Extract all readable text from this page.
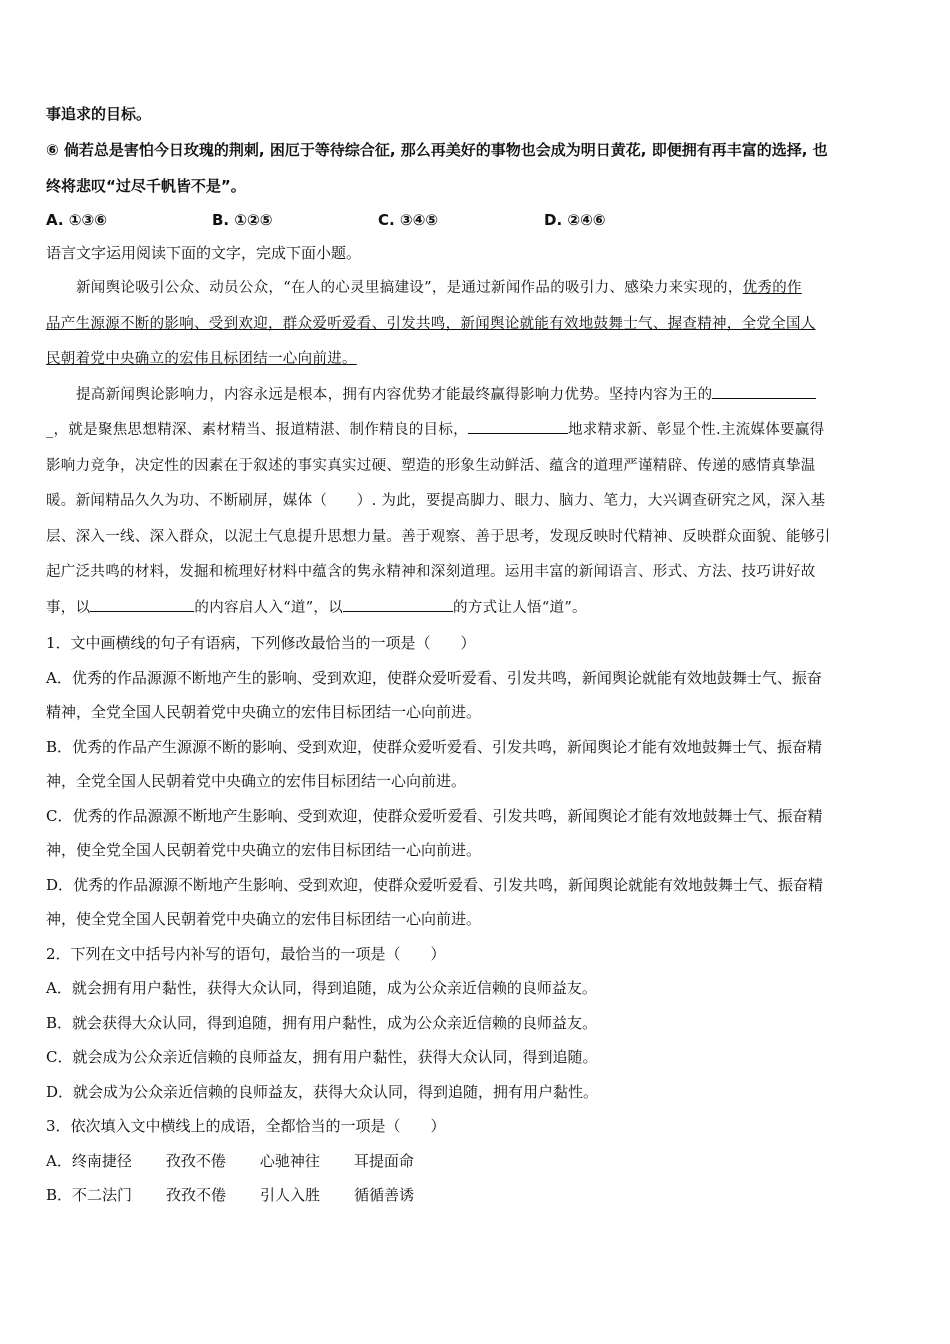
事追求的目标。

⑥ 倘若总是害怕今日玫瑰的荆刺, 困厄于等待综合征, 那么再美好的事物也会成为明日黄花, 即便拥有再丰富的选择, 也

终将悲叹“过尽千帆皆不是”。

A. ①③⑥	B. ①②⑤	C. ③④⑤	D. ②④⑥

语言文字运用阅读下面的文字，完成下面小题。

新闻舆论吸引公众、动员公众，“在人的心灵里搞建设”，是通过新闻作品的吸引力、感染力来实现的，优秀的作

品产生源源不断的影响、受到欢迎，群众爱听爱看、引发共鸣，新闻舆论就能有效地鼓舞士气、握查精神，全党全国人

民朝着党中央确立的宏伟且标团结一心向前进。

提高新闻舆论影响力，内容永远是根本，拥有内容优势才能最终赢得影响力优势。坚持内容为王的

_，就是聚焦思想精深、素材精当、报道精湛、制作精良的目标，	地求精求新、彰显个性.主流媒体要赢得

影响力竞争，决定性的因素在于叙述的事实真实过硬、塑造的形象生动鲜活、蕴含的道理严谨精辟、传递的感情真挚温

暖。新闻精品久久为功、不断刷屏，媒体（　　）. 为此，要提高脚力、眼力、脑力、笔力，大兴调查研究之风，深入基

层、深入一线、深入群众，以泥土气息提升思想力量。善于观察、善于思考，发现反映时代精神、反映群众面貌、能够引

起广泛共鸣的材料，发掘和梳理好材料中蕴含的隽永精神和深刻道理。运用丰富的新闻语言、形式、方法、技巧讲好故

事，以	的内容启人入“道”，以	的方式让人悟“道”。

1．文中画横线的句子有语病，下列修改最恰当的一项是（　　）

A．优秀的作品源源不断地产生的影响、受到欢迎，使群众爱听爱看、引发共鸣，新闻舆论就能有效地鼓舞士气、振奋

精神，全党全国人民朝着党中央确立的宏伟目标团结一心向前进。

B．优秀的作品产生源源不断的影响、受到欢迎，使群众爱听爱看、引发共鸣，新闻舆论才能有效地鼓舞士气、振奋精

神，全党全国人民朝着党中央确立的宏伟目标团结一心向前进。

C．优秀的作品源源不断地产生影响、受到欢迎，使群众爱听爱看、引发共鸣，新闻舆论才能有效地鼓舞士气、振奋精

神，使全党全国人民朝着党中央确立的宏伟目标团结一心向前进。

D．优秀的作品源源不断地产生影响、受到欢迎，使群众爱听爱看、引发共鸣，新闻舆论就能有效地鼓舞士气、振奋精

神，使全党全国人民朝着党中央确立的宏伟目标团结一心向前进。

2．下列在文中括号内补写的语句，最恰当的一项是（　　）

A．就会拥有用户黏性，获得大众认同，得到追随，成为公众亲近信赖的良师益友。

B．就会获得大众认同，得到追随，拥有用户黏性，成为公众亲近信赖的良师益友。

C．就会成为公众亲近信赖的良师益友，拥有用户黏性，获得大众认同，得到追随。

D．就会成为公众亲近信赖的良师益友，获得大众认同，得到追随，拥有用户黏性。

3．依次填入文中横线上的成语，全都恰当的一项是（　　）

A．终南捷径 孜孜不倦 心驰神往 耳提面命
B．不二法门 孜孜不倦 引人入胜 循循善诱
